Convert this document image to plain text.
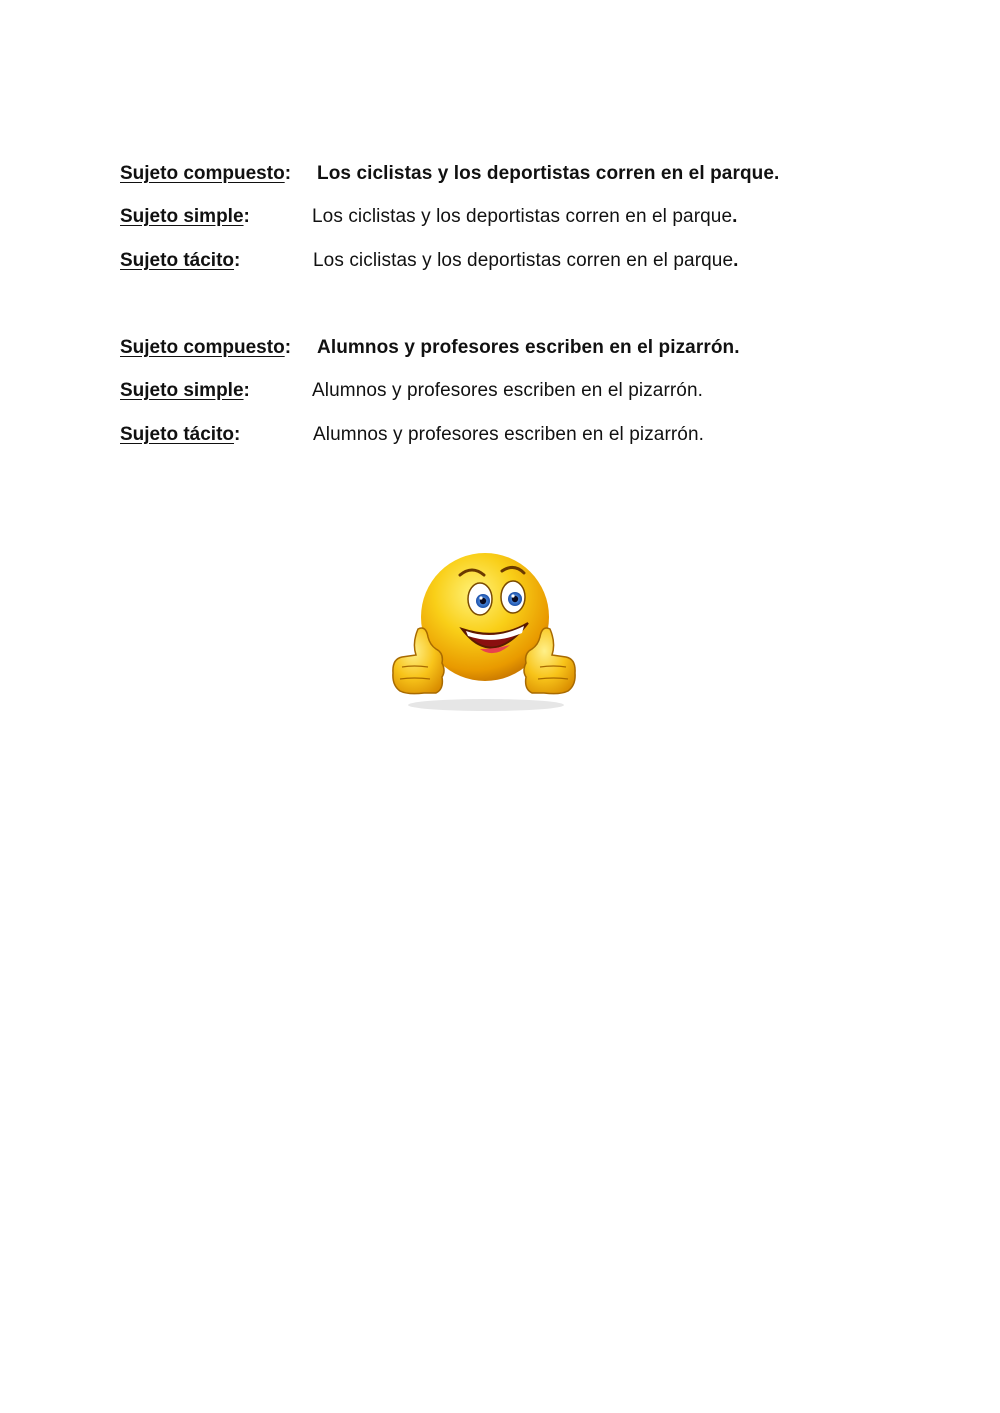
Sujeto compuesto: Los ciclistas y los deportistas corren en el parque.
Sujeto simple:	Los ciclistas y los deportistas corren en el parque.
Sujeto tácito:	Los ciclistas y los deportistas corren en el parque.
Sujeto compuesto: Alumnos y profesores escriben en el pizarrón.
Sujeto simple:	Alumnos y profesores escriben en el pizarrón.
Sujeto tácito:	Alumnos y profesores escriben en el pizarrón.
